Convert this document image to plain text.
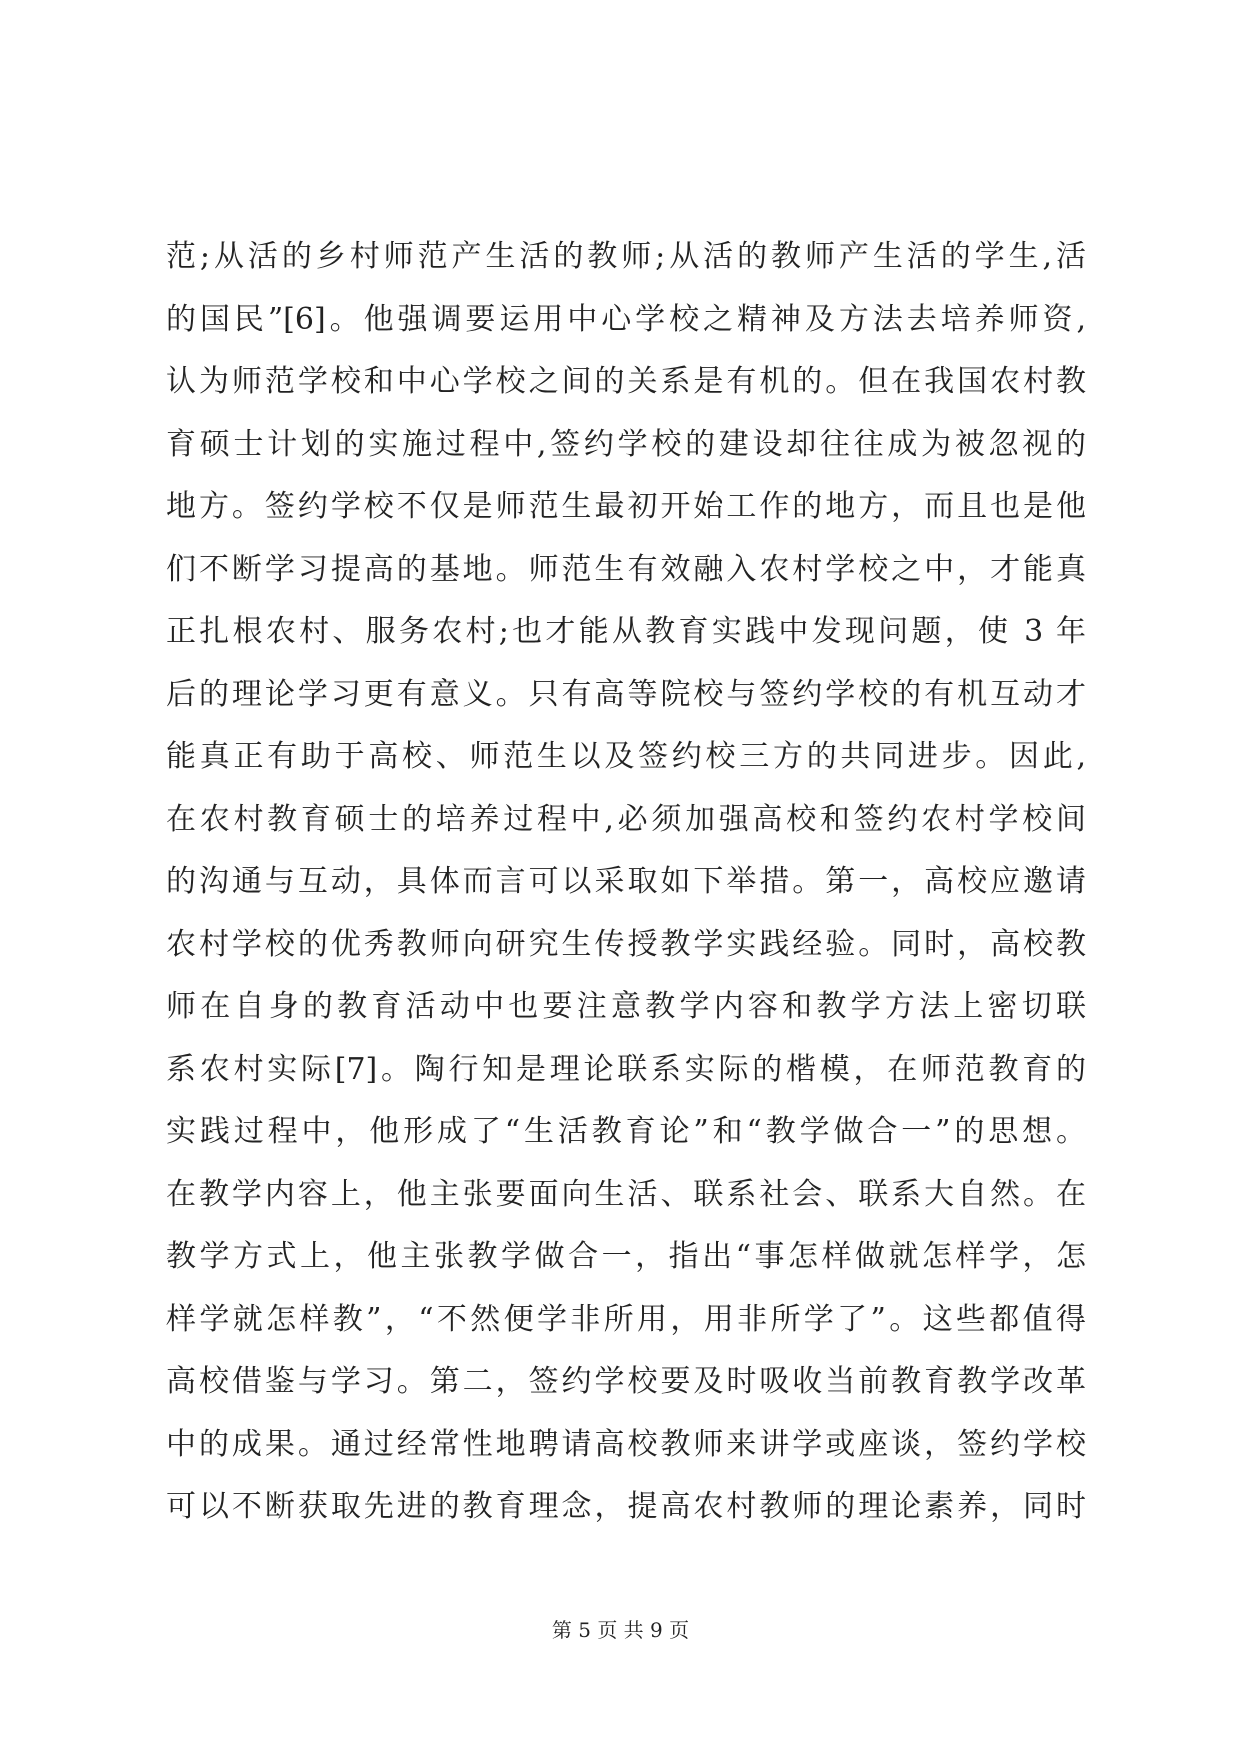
范;从活的乡村师范产生活的教师;从活的教师产生活的学生,活
的国民”[6]。他强调要运用中心学校之精神及方法去培养师资,
认为师范学校和中心学校之间的关系是有机的。但在我国农村教
育硕士计划的实施过程中,签约学校的建设却往往成为被忽视的
地方。签约学校不仅是师范生最初开始工作的地方，而且也是他
们不断学习提高的基地。师范生有效融入农村学校之中，才能真
正扎根农村、服务农村;也才能从教育实践中发现问题，使 3 年
后的理论学习更有意义。只有高等院校与签约学校的有机互动才
能真正有助于高校、师范生以及签约校三方的共同进步。因此,
在农村教育硕士的培养过程中,必须加强高校和签约农村学校间
的沟通与互动，具体而言可以采取如下举措。第一，高校应邀请
农村学校的优秀教师向研究生传授教学实践经验。同时，高校教
师在自身的教育活动中也要注意教学内容和教学方法上密切联
系农村实际[7]。陶行知是理论联系实际的楷模，在师范教育的
实践过程中，他形成了“生活教育论”和“教学做合一”的思想。
在教学内容上，他主张要面向生活、联系社会、联系大自然。在
教学方式上，他主张教学做合一，指出“事怎样做就怎样学，怎
样学就怎样教”，“不然便学非所用，用非所学了”。这些都值得
高校借鉴与学习。第二，签约学校要及时吸收当前教育教学改革
中的成果。通过经常性地聘请高校教师来讲学或座谈，签约学校
可以不断获取先进的教育理念，提高农村教师的理论素养，同时
第 5 页 共 9 页
